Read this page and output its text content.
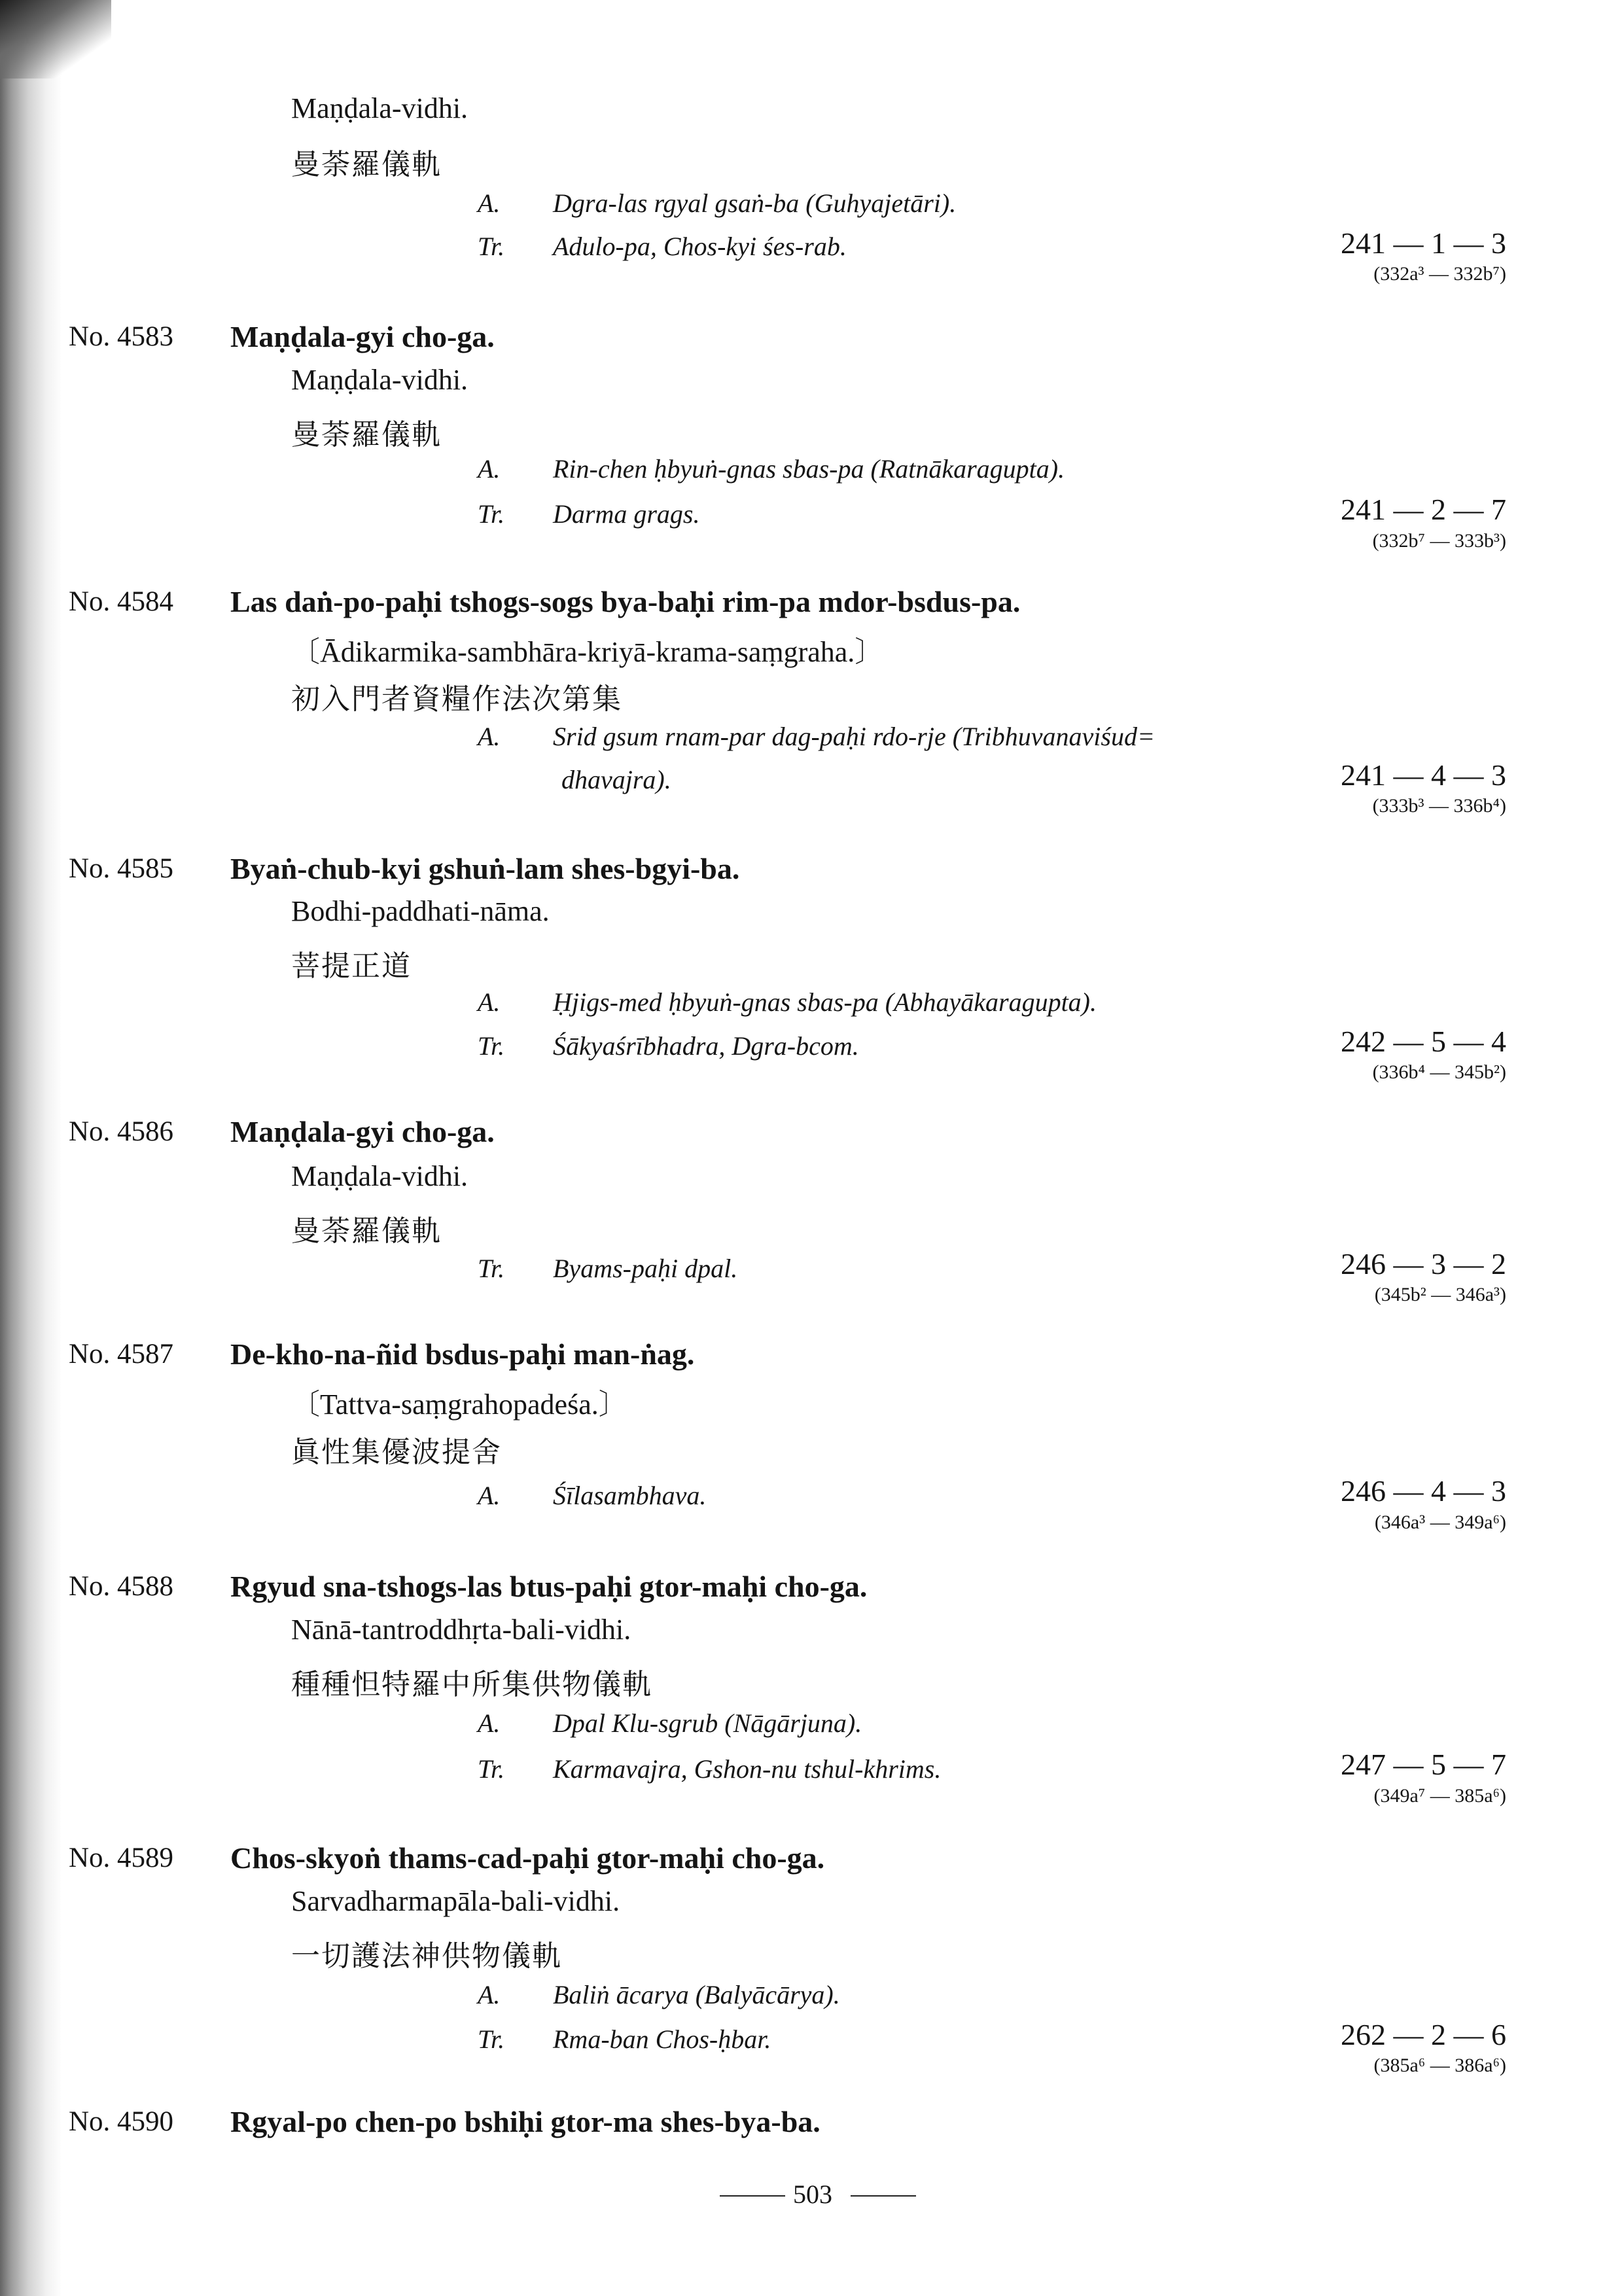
Maṇḍala-vidhi.
曼荼羅儀軌
A. Dgra-las rgyal gsaṅ-ba (Guhyajetāri).
Tr. Adulo-pa, Chos-kyi śes-rab.	241 — 1 — 3
(332a³ — 332b⁷)
No. 4583 Maṇḍala-gyi cho-ga.
Maṇḍala-vidhi.
曼荼羅儀軌
A. Rin-chen ḥbyuṅ-gnas sbas-pa (Ratnākaragupta).
Tr. Darma grags.	241 — 2 — 7
(332b⁷ — 333b³)
No. 4584 Las daṅ-po-paḥi tshogs-sogs bya-baḥi rim-pa mdor-bsdus-pa.
〔Ādikarmika-sambhāra-kriyā-krama-saṃgraha.〕
初入門者資糧作法次第集
A. Srid gsum rnam-par dag-paḥi rdo-rje (Tribhuvanaviśud=
dhavajra).	241 — 4 — 3
(333b³ — 336b⁴)
No. 4585 Byaṅ-chub-kyi gshuṅ-lam shes-bgyi-ba.
Bodhi-paddhati-nāma.
菩提正道
A. Ḥjigs-med ḥbyuṅ-gnas sbas-pa (Abhayākaragupta).
Tr. Śākyaśrībhadra, Dgra-bcom.	242 — 5 — 4
(336b⁴ — 345b²)
No. 4586 Maṇḍala-gyi cho-ga.
Maṇḍala-vidhi.
曼荼羅儀軌
Tr. Byams-paḥi dpal.	246 — 3 — 2
(345b² — 346a³)
No. 4587 De-kho-na-ñid bsdus-paḥi man-ṅag.
〔Tattva-saṃgrahopadeśa.〕
眞性集優波提舍
A. Śīlasambhava.	246 — 4 — 3
(346a³ — 349a⁶)
No. 4588 Rgyud sna-tshogs-las btus-paḥi gtor-maḥi cho-ga.
Nānā-tantroddhṛta-bali-vidhi.
種種怛特羅中所集供物儀軌
A. Dpal Klu-sgrub (Nāgārjuna).
Tr. Karmavajra, Gshon-nu tshul-khrims.	247 — 5 — 7
(349a⁷ — 385a⁶)
No. 4589 Chos-skyoṅ thams-cad-paḥi gtor-maḥi cho-ga.
Sarvadharmapāla-bali-vidhi.
一切護法神供物儀軌
A. Baliṅ ācarya (Balyācārya).
Tr. Rma-ban Chos-ḥbar.	262 — 2 — 6
(385a⁶ — 386a⁶)
No. 4590 Rgyal-po chen-po bshiḥi gtor-ma shes-bya-ba.
503
